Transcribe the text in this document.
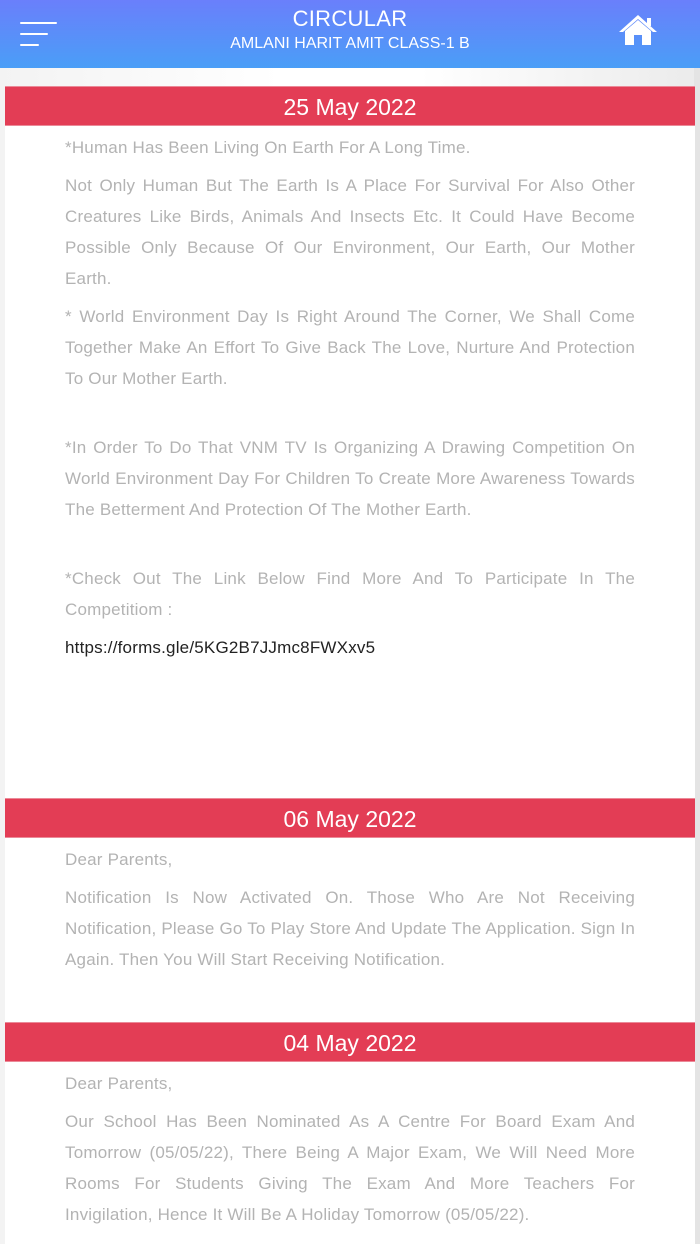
CIRCULAR
AMLANI HARIT AMIT CLASS-1 B
25 May 2022
*Human Has Been Living On Earth For A Long Time.
Not Only Human But The Earth Is A Place For Survival For Also Other Creatures Like Birds, Animals And Insects Etc. It Could Have Become Possible Only Because Of Our Environment, Our Earth, Our Mother Earth.
* World Environment Day Is Right Around The Corner, We Shall Come Together Make An Effort To Give Back The Love, Nurture And Protection To Our Mother Earth.
*In Order To Do That VNM TV Is Organizing A Drawing Competition On World Environment Day For Children To Create More Awareness Towards The Betterment And Protection Of The Mother Earth.
*Check Out The Link Below Find More And To Participate In The Competitiom :
https://forms.gle/5KG2B7JJmc8FWXxv5
06 May 2022
Dear Parents,
Notification Is Now Activated On. Those Who Are Not Receiving Notification, Please Go To Play Store And Update The Application. Sign In Again. Then You Will Start Receiving Notification.
04 May 2022
Dear Parents,
Our School Has Been Nominated As A Centre For Board Exam And Tomorrow (05/05/22), There Being A Major Exam, We Will Need More Rooms For Students Giving The Exam And More Teachers For Invigilation, Hence It Will Be A Holiday Tomorrow (05/05/22).
